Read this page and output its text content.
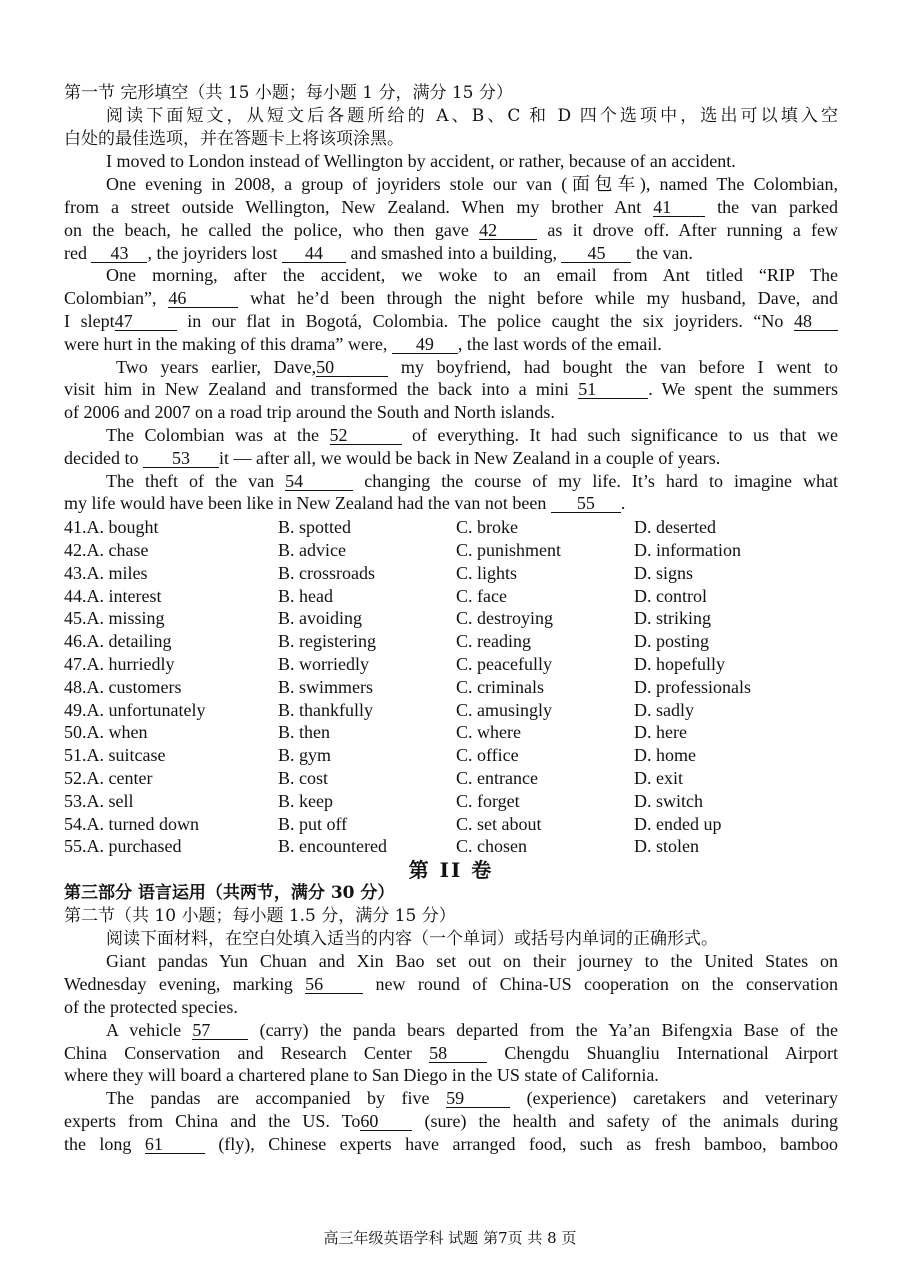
第一节 完形填空（共 15 小题；每小题 1 分，满分 15 分）

阅读下面短文，从短文后各题所给的 A、B、C 和 D 四个选项中，选出可以填入空

白处的最佳选项，并在答题卡上将该项涂黑。

I moved to London instead of Wellington by accident, or rather, because of an accident.

One evening in 2008, a group of joyriders stole our van (面包车), named The Colombian,

from a street outside Wellington, New Zealand. When my brother Ant 41	the van parked

on the beach, he called the police, who then gave 42	as it drove off. After running a few

red 43 , the joyriders lost 44 and smashed into a building, 45 the van.

One morning, after the accident, we woke to an email from Ant titled “RIP The

Colombian”, 46	what he’d been through the night before while my husband, Dave, and

I slept47	in our flat in Bogotá, Colombia. The police caught the six joyriders. “No 48

were hurt in the making of this drama” were, 49 , the last words of the email.

Two years earlier, Dave,50	my boyfriend, had bought the van before I went to

visit him in New Zealand and transformed the back into a mini 51	. We spent the summers

of 2006 and 2007 on a road trip around the South and North islands.

The Colombian was at the 52	of everything. It had such significance to us that we

decided to 53 it — after all, we would be back in New Zealand in a couple of years.

The theft of the van 54	changing the course of my life. It’s hard to imagine what

my life would have been like in New Zealand had the van not been 55 .

41.A. bought	B. spotted	C. broke	D. deserted
42.A. chase	B. advice	C. punishment	D. information
43.A. miles	B. crossroads	C. lights	D. signs
44.A. interest	B. head	C. face	D. control
45.A. missing	B. avoiding	C. destroying	D. striking
46.A. detailing	B. registering	C. reading	D. posting
47.A. hurriedly	B. worriedly	C. peacefully	D. hopefully
48.A. customers	B. swimmers	C. criminals	D. professionals
49.A. unfortunately	B. thankfully	C. amusingly	D. sadly
50.A. when	B. then	C. where	D. here
51.A. suitcase	B. gym	C. office	D. home
52.A. center	B. cost	C. entrance	D. exit
53.A. sell	B. keep	C. forget	D. switch
54.A. turned down	B. put off	C. set about	D. ended up
55.A. purchased	B. encountered	C. chosen	D. stolen

第 II 卷

第三部分 语言运用（共两节，满分 30 分）

第二节（共 10 小题；每小题 1.5 分，满分 15 分）

阅读下面材料，在空白处填入适当的内容（一个单词）或括号内单词的正确形式。

Giant pandas Yun Chuan and Xin Bao set out on their journey to the United States on

Wednesday evening, marking 56	new round of China-US cooperation on the conservation

of the protected species.

A vehicle 57	(carry) the panda bears departed from the Ya’an Bifengxia Base of the

China Conservation and Research Center 58	Chengdu Shuangliu International Airport

where they will board a chartered plane to San Diego in the US state of California.

The pandas are accompanied by five 59	(experience) caretakers and veterinary

experts from China and the US. To60	(sure) the health and safety of the animals during

the long 61	(fly), Chinese experts have arranged food, such as fresh bamboo, bamboo

高三年级英语学科 试题 第7页 共 8 页
